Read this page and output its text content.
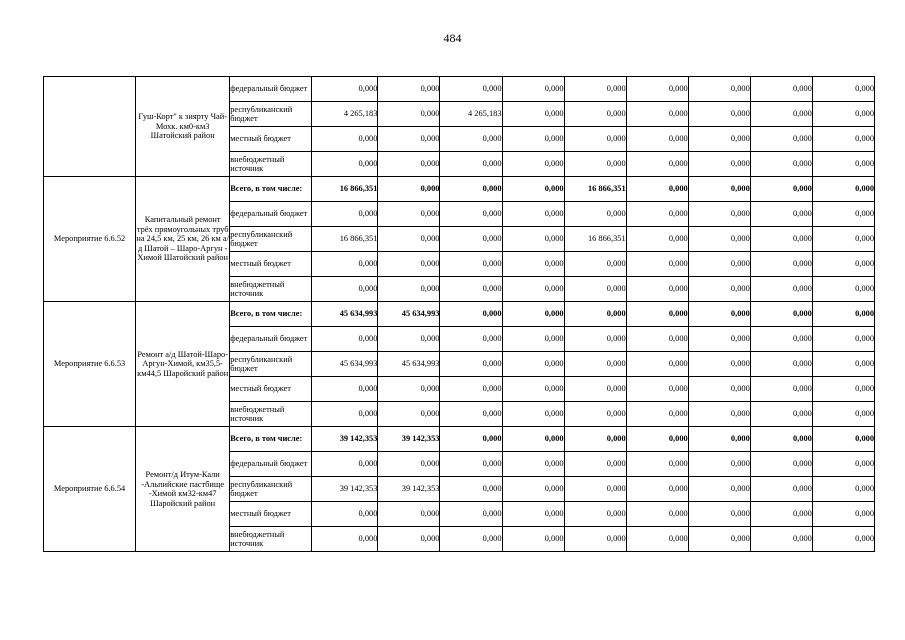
484
	Гуш-Корт" к зиярту Чай-Мохк. км0-км3 Шатойский район	федеральный бюджет	0,000	0,000	0,000	0,000	0,000	0,000	0,000	0,000	0,000
		республиканский бюджет	4 265,183	0,000	4 265,183	0,000	0,000	0,000	0,000	0,000	0,000
		местный бюджет	0,000	0,000	0,000	0,000	0,000	0,000	0,000	0,000	0,000
		внебюджетный источник	0,000	0,000	0,000	0,000	0,000	0,000	0,000	0,000	0,000
Мероприятие 6.6.52	Капитальный ремонт трёх прямоугольных труб на 24,5 км, 25 км, 26 км а/д Шатой – Шаро-Аргун - Химой Шатойский район	Всего, в том числе:	16 866,351	0,000	0,000	0,000	16 866,351	0,000	0,000	0,000	0,000
		федеральный бюджет	0,000	0,000	0,000	0,000	0,000	0,000	0,000	0,000	0,000
		республиканский бюджет	16 866,351	0,000	0,000	0,000	16 866,351	0,000	0,000	0,000	0,000
		местный бюджет	0,000	0,000	0,000	0,000	0,000	0,000	0,000	0,000	0,000
		внебюджетный источник	0,000	0,000	0,000	0,000	0,000	0,000	0,000	0,000	0,000
Мероприятие 6.6.53	Ремонт а/д Шатой-Шаро-Аргун-Химой, км35,5-км44,5 Шаройский район	Всего, в том числе:	45 634,993	45 634,993	0,000	0,000	0,000	0,000	0,000	0,000	0,000
		федеральный бюджет	0,000	0,000	0,000	0,000	0,000	0,000	0,000	0,000	0,000
		республиканский бюджет	45 634,993	45 634,993	0,000	0,000	0,000	0,000	0,000	0,000	0,000
		местный бюджет	0,000	0,000	0,000	0,000	0,000	0,000	0,000	0,000	0,000
		внебюджетный источник	0,000	0,000	0,000	0,000	0,000	0,000	0,000	0,000	0,000
Мероприятие 6.6.54	Ремонт/д Итум-Кали -Альпийские пастбище -Химой км32-км47 Шаройский район	Всего, в том числе:	39 142,353	39 142,353	0,000	0,000	0,000	0,000	0,000	0,000	0,000
		федеральный бюджет	0,000	0,000	0,000	0,000	0,000	0,000	0,000	0,000	0,000
		республиканский бюджет	39 142,353	39 142,353	0,000	0,000	0,000	0,000	0,000	0,000	0,000
		местный бюджет	0,000	0,000	0,000	0,000	0,000	0,000	0,000	0,000	0,000
		внебюджетный источник	0,000	0,000	0,000	0,000	0,000	0,000	0,000	0,000	0,000
